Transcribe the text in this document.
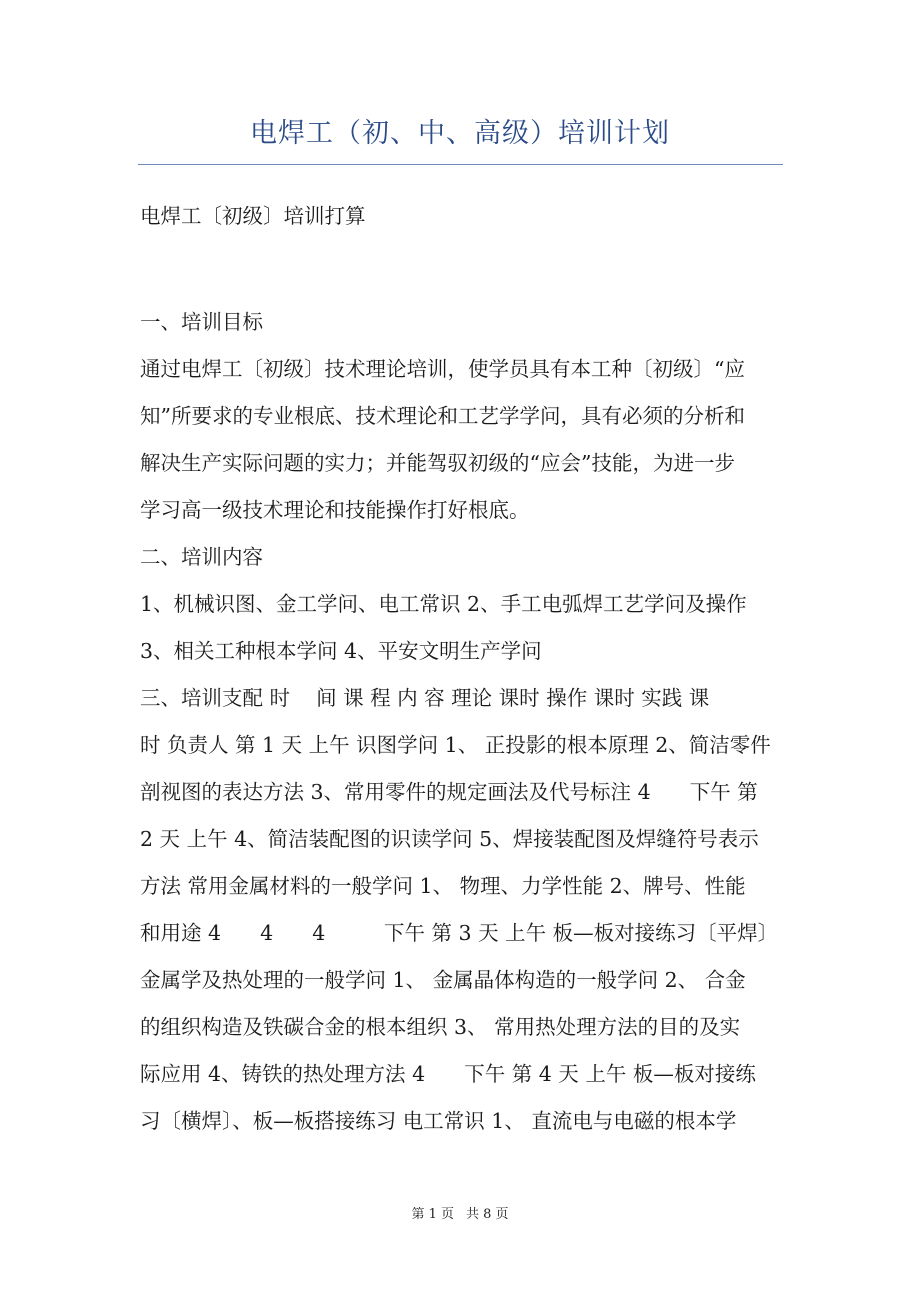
电焊工（初、中、高级）培训计划
电焊工〔初级〕培训打算
一、培训目标
通过电焊工〔初级〕技术理论培训，使学员具有本工种〔初级〕“应
知”所要求的专业根底、技术理论和工艺学学问，具有必须的分析和
解决生产实际问题的实力；并能驾驭初级的“应会”技能，为进一步
学习高一级技术理论和技能操作打好根底。
二、培训内容
1、机械识图、金工学问、电工常识 2、手工电弧焊工艺学问及操作
3、相关工种根本学问 4、平安文明生产学问
三、培训支配 时    间 课 程 内 容 理论 课时 操作 课时 实践 课
时 负责人 第 1 天 上午 识图学问 1、 正投影的根本原理 2、简洁零件
剖视图的表达方法 3、常用零件的规定画法及代号标注 4      下午 第
2 天 上午 4、简洁装配图的识读学问 5、焊接装配图及焊缝符号表示
方法 常用金属材料的一般学问 1、 物理、力学性能 2、牌号、性能
和用途 4      4      4         下午 第 3 天 上午 板—板对接练习〔平焊〕
金属学及热处理的一般学问 1、 金属晶体构造的一般学问 2、 合金
的组织构造及铁碳合金的根本组织 3、 常用热处理方法的目的及实
际应用 4、铸铁的热处理方法 4      下午 第 4 天 上午 板—板对接练
习〔横焊〕、板—板搭接练习 电工常识 1、 直流电与电磁的根本学
第 1 页 共 8 页
